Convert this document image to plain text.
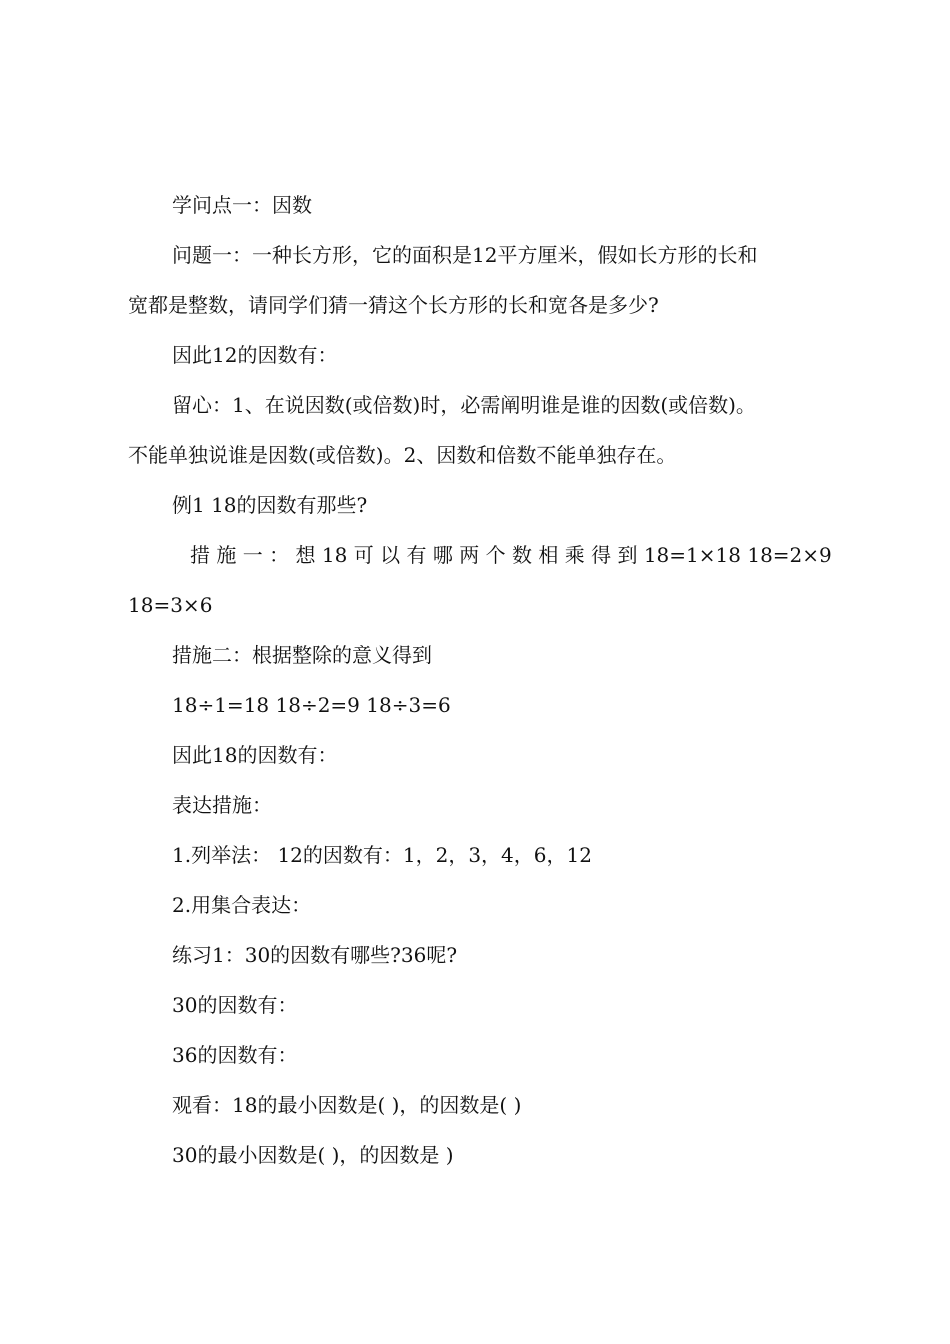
学问点一：因数
问题一：一种长方形，它的面积是12平方厘米，假如长方形的长和
宽都是整数，请同学们猜一猜这个长方形的长和宽各是多少?
因此12的因数有：
留心：1、在说因数(或倍数)时，必需阐明谁是谁的因数(或倍数)。
不能单独说谁是因数(或倍数)。2、因数和倍数不能单独存在。
例1 18的因数有那些?
措 施 一 ： 想 18 可 以 有 哪 两 个 数 相 乘 得 到 18=1×18 18=2×9
18=3×6
措施二：根据整除的意义得到
18÷1=18 18÷2=9 18÷3=6
因此18的因数有：
表达措施：
1.列举法： 12的因数有：1，2，3，4，6，12
2.用集合表达：
练习1：30的因数有哪些?36呢?
30的因数有：
36的因数有：
观看：18的最小因数是( )，的因数是( )
30的最小因数是( )，的因数是 )
